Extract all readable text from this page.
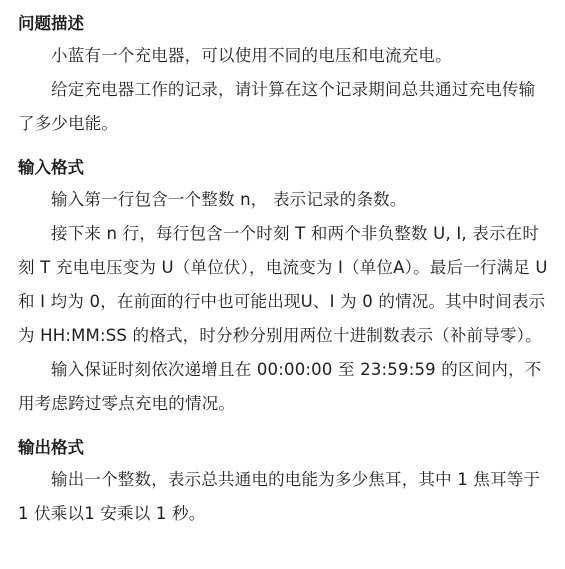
问题描述

小蓝有一个充电器，可以使用不同的电压和电流充电。

给定充电器工作的记录，请计算在这个记录期间总共通过充电传输了多少电能。

输入格式

输入第一行包含一个整数 n， 表示记录的条数。

接下来 n 行，每行包含一个时刻 T 和两个非负整数 U, I, 表示在时刻 T 充电电压变为 U（单位伏），电流变为 I（单位A）。最后一行满足 U 和 I 均为 0，在前面的行中也可能出现U、I 为 0 的情况。其中时间表示为 HH:MM:SS 的格式，时分秒分别用两位十进制数表示（补前导零）。

输入保证时刻依次递增且在 00:00:00 至 23:59:59 的区间内，不用考虑跨过零点充电的情况。

输出格式

输出一个整数，表示总共通电的电能为多少焦耳，其中 1 焦耳等于 1 伏乘以1 安乘以 1 秒。
